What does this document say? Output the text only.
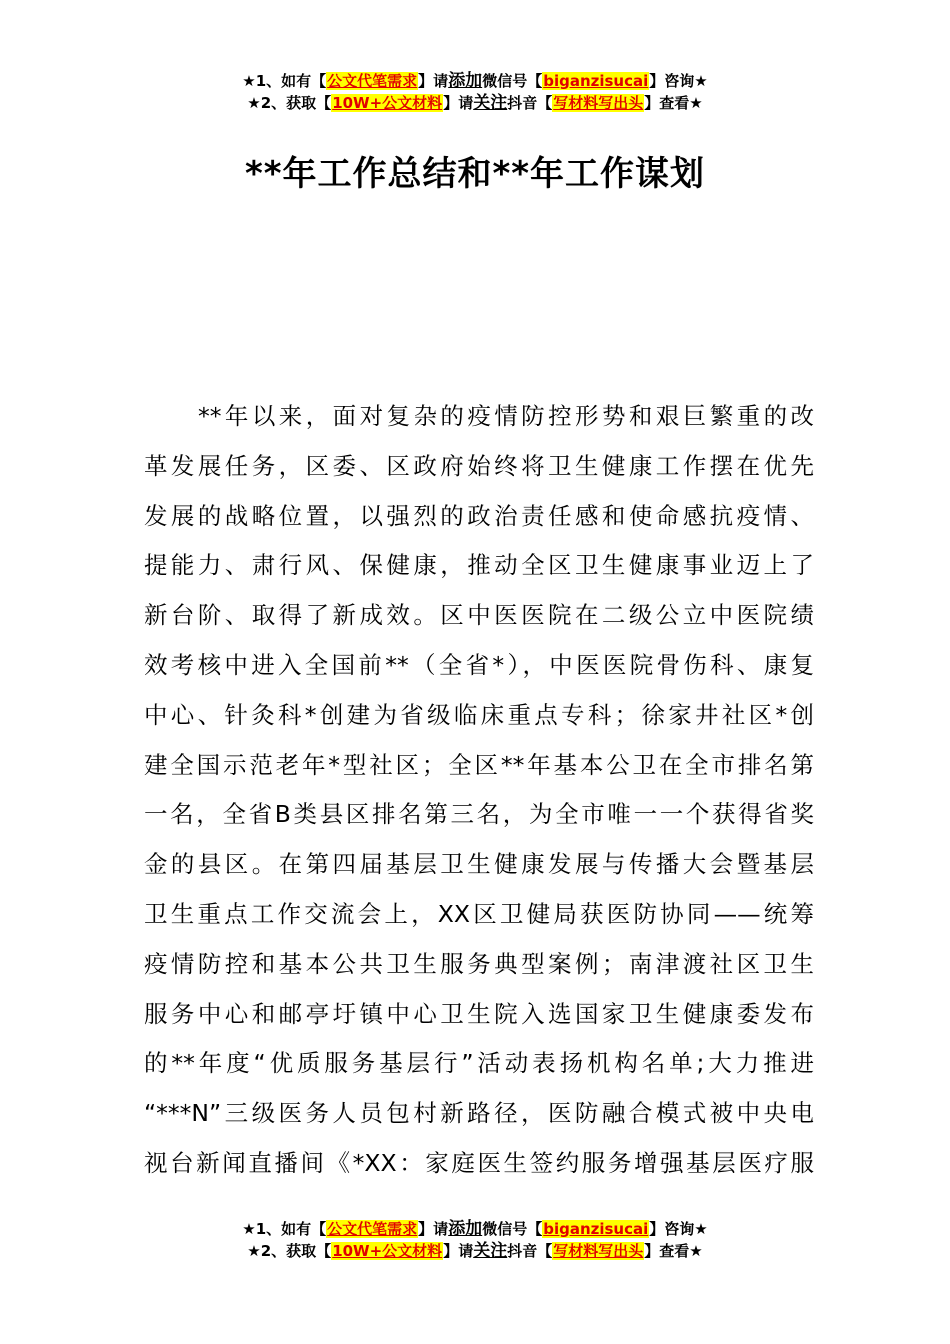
★1、如有【公文代笔需求】请添加微信号【biganzisucai】咨询★
★2、获取【10W+公文材料】请关注抖音【写材料写出头】查看★
**年工作总结和**年工作谋划
**年以来，面对复杂的疫情防控形势和艰巨繁重的改
革发展任务，区委、区政府始终将卫生健康工作摆在优先
发展的战略位置，以强烈的政治责任感和使命感抗疫情、
提能力、肃行风、保健康，推动全区卫生健康事业迈上了
新台阶、取得了新成效。区中医医院在二级公立中医院绩
效考核中进入全国前**（全省*），中医医院骨伤科、康复
中心、针灸科*创建为省级临床重点专科；徐家井社区*创
建全国示范老年*型社区；全区**年基本公卫在全市排名第
一名，全省B类县区排名第三名，为全市唯一一个获得省奖
金的县区。在第四届基层卫生健康发展与传播大会暨基层
卫生重点工作交流会上，XX区卫健局获医防协同——统筹
疫情防控和基本公共卫生服务典型案例；南津渡社区卫生
服务中心和邮亭圩镇中心卫生院入选国家卫生健康委发布
的**年度“优质服务基层行”活动表扬机构名单;大力推进
“***N”三级医务人员包村新路径，医防融合模式被中央电
视台新闻直播间《*XX：家庭医生签约服务增强基层医疗服
★1、如有【公文代笔需求】请添加微信号【biganzisucai】咨询★
★2、获取【10W+公文材料】请关注抖音【写材料写出头】查看★
